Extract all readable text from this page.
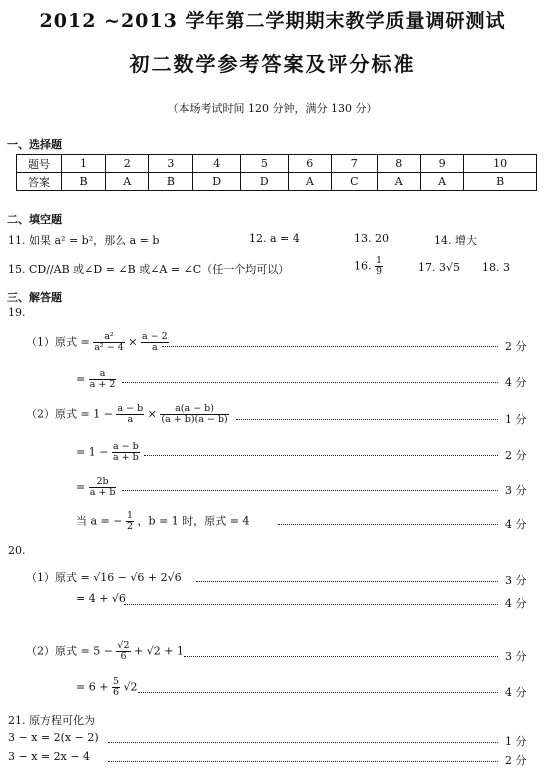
2012 ~2013 学年第二学期期末教学质量调研测试
初二数学参考答案及评分标准
（本场考试时间 120 分钟，满分 130 分）
一、选择题
题号	1	2	3	4	5	6	7	8	9	10
答案	B	A	B	D	D	A	C	A	A	B
二、填空题
11. 如果 a² = b²，那么 a = b	12. a = 4	13. 20	14. 增大
15. CD//AB 或∠D = ∠B 或∠A = ∠C（任一个均可以）	16. $\frac{1}{9}$	17. 3√5 18. 3
三、解答题
19.
（1）原式 = $\frac{\text{a²}}{\text{a² − 4}} \times \frac{a - 2}{a}$	2 分
= $\frac{a}{a + 2}$	4 分
（2）原式 = $1 - \frac{a - b}{a} \times \frac{a(a - b)}{(a + b)(a - b)}$	1 分
= $1 - \frac{a - b}{a + b}$	2 分
= $\frac{2b}{a + b}$	3 分
当 a = − $\frac{1}{2}$ ，b = 1 时，原式 = 4	4 分
20.
（1）原式 = √16 − √6 + 2√6	3 分
= 4 + √6	4 分
（2）原式 = $5 - \frac{√2}{6} + √2 + 1$	3 分
= $6 + \frac{5}{6} √2$	4 分
21. 原方程可化为
3 − x = 2(x − 2)	1 分
3 − x = 2x − 4	2 分
